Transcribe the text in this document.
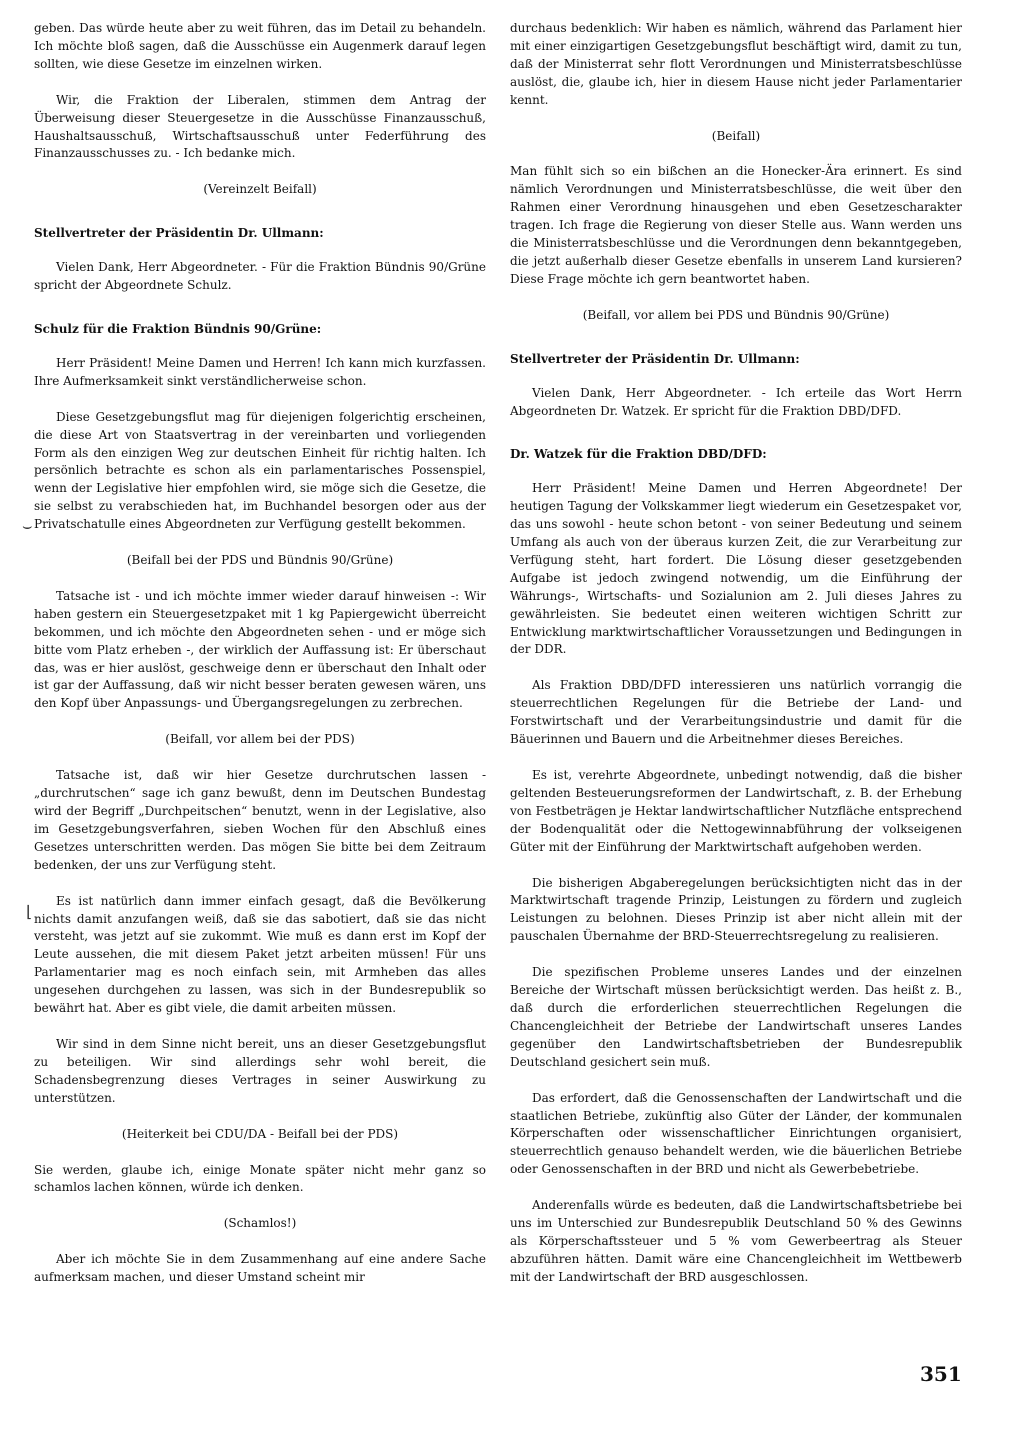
geben. Das würde heute aber zu weit führen, das im Detail zu behandeln. Ich möchte bloß sagen, daß die Ausschüsse ein Augenmerk darauf legen sollten, wie diese Gesetze im einzelnen wirken.

Wir, die Fraktion der Liberalen, stimmen dem Antrag der Überweisung dieser Steuergesetze in die Ausschüsse Finanzausschuß, Haushaltsausschuß, Wirtschaftsausschuß unter Federführung des Finanzausschusses zu. - Ich bedanke mich.

(Vereinzelt Beifall)
Stellvertreter der Präsidentin Dr. Ullmann:

Vielen Dank, Herr Abgeordneter. - Für die Fraktion Bündnis 90/Grüne spricht der Abgeordnete Schulz.

Schulz für die Fraktion Bündnis 90/Grüne:

Herr Präsident! Meine Damen und Herren! Ich kann mich kurzfassen. Ihre Aufmerksamkeit sinkt verständlicherweise schon.

Diese Gesetzgebungsflut mag für diejenigen folgerichtig erscheinen, die diese Art von Staatsvertrag in der vereinbarten und vorliegenden Form als den einzigen Weg zur deutschen Einheit für richtig halten. Ich persönlich betrachte es schon als ein parlamentarisches Possenspiel, wenn der Legislative hier empfohlen wird, sie möge sich die Gesetze, die sie selbst zu verabschieden hat, im Buchhandel besorgen oder aus der Privatschatulle eines Abgeordneten zur Verfügung gestellt bekommen.

(Beifall bei der PDS und Bündnis 90/Grüne)

Tatsache ist - und ich möchte immer wieder darauf hinweisen -: Wir haben gestern ein Steuergesetzpaket mit 1 kg Papiergewicht überreicht bekommen, und ich möchte den Abgeordneten sehen - und er möge sich bitte vom Platz erheben -, der wirklich der Auffassung ist: Er überschaut das, was er hier auslöst, geschweige denn er überschaut den Inhalt oder ist gar der Auffassung, daß wir nicht besser beraten gewesen wären, uns den Kopf über Anpassungs- und Übergangsregelungen zu zerbrechen.

(Beifall, vor allem bei der PDS)

Tatsache ist, daß wir hier Gesetze durchrutschen lassen - „durchrutschen“ sage ich ganz bewußt, denn im Deutschen Bundestag wird der Begriff „Durchpeitschen“ benutzt, wenn in der Legislative, also im Gesetzgebungsverfahren, sieben Wochen für den Abschluß eines Gesetzes unterschritten werden. Das mögen Sie bitte bei dem Zeitraum bedenken, der uns zur Verfügung steht.

Es ist natürlich dann immer einfach gesagt, daß die Bevölkerung nichts damit anzufangen weiß, daß sie das sabotiert, daß sie das nicht versteht, was jetzt auf sie zukommt. Wie muß es dann erst im Kopf der Leute aussehen, die mit diesem Paket jetzt arbeiten müssen! Für uns Parlamentarier mag es noch einfach sein, mit Armheben das alles ungesehen durchgehen zu lassen, was sich in der Bundesrepublik so bewährt hat. Aber es gibt viele, die damit arbeiten müssen.

Wir sind in dem Sinne nicht bereit, uns an dieser Gesetzgebungsflut zu beteiligen. Wir sind allerdings sehr wohl bereit, die Schadensbegrenzung dieses Vertrages in seiner Auswirkung zu unterstützen.

(Heiterkeit bei CDU/DA - Beifall bei der PDS)

Sie werden, glaube ich, einige Monate später nicht mehr ganz so schamlos lachen können, würde ich denken.

(Schamlos!)

Aber ich möchte Sie in dem Zusammenhang auf eine andere Sache aufmerksam machen, und dieser Umstand scheint mir

durchaus bedenklich: Wir haben es nämlich, während das Parlament hier mit einer einzigartigen Gesetzgebungsflut beschäftigt wird, damit zu tun, daß der Ministerrat sehr flott Verordnungen und Ministerratsbeschlüsse auslöst, die, glaube ich, hier in diesem Hause nicht jeder Parlamentarier kennt.

(Beifall)

Man fühlt sich so ein bißchen an die Honecker-Ära erinnert. Es sind nämlich Verordnungen und Ministerratsbeschlüsse, die weit über den Rahmen einer Verordnung hinausgehen und eben Gesetzescharakter tragen. Ich frage die Regierung von dieser Stelle aus. Wann werden uns die Ministerratsbeschlüsse und die Verordnungen denn bekanntgegeben, die jetzt außerhalb dieser Gesetze ebenfalls in unserem Land kursieren? Diese Frage möchte ich gern beantwortet haben.

(Beifall, vor allem bei PDS und Bündnis 90/Grüne)
Stellvertreter der Präsidentin Dr. Ullmann:

Vielen Dank, Herr Abgeordneter. - Ich erteile das Wort Herrn Abgeordneten Dr. Watzek. Er spricht für die Fraktion DBD/DFD.

Dr. Watzek für die Fraktion DBD/DFD:

Herr Präsident! Meine Damen und Herren Abgeordnete! Der heutigen Tagung der Volkskammer liegt wiederum ein Gesetzespaket vor, das uns sowohl - heute schon betont - von seiner Bedeutung und seinem Umfang als auch von der überaus kurzen Zeit, die zur Verarbeitung zur Verfügung steht, hart fordert. Die Lösung dieser gesetzgebenden Aufgabe ist jedoch zwingend notwendig, um die Einführung der Währungs-, Wirtschafts- und Sozialunion am 2. Juli dieses Jahres zu gewährleisten. Sie bedeutet einen weiteren wichtigen Schritt zur Entwicklung marktwirtschaftlicher Voraussetzungen und Bedingungen in der DDR.

Als Fraktion DBD/DFD interessieren uns natürlich vorrangig die steuerrechtlichen Regelungen für die Betriebe der Land- und Forstwirtschaft und der Verarbeitungsindustrie und damit für die Bäuerinnen und Bauern und die Arbeitnehmer dieses Bereiches.

Es ist, verehrte Abgeordnete, unbedingt notwendig, daß die bisher geltenden Besteuerungsreformen der Landwirtschaft, z. B. der Erhebung von Festbeträgen je Hektar landwirtschaftlicher Nutzfläche entsprechend der Bodenqualität oder die Nettogewinnabführung der volkseigenen Güter mit der Einführung der Marktwirtschaft aufgehoben werden.

Die bisherigen Abgaberegelungen berücksichtigten nicht das in der Marktwirtschaft tragende Prinzip, Leistungen zu fördern und zugleich Leistungen zu belohnen. Dieses Prinzip ist aber nicht allein mit der pauschalen Übernahme der BRD-Steuerrechtsregelung zu realisieren.

Die spezifischen Probleme unseres Landes und der einzelnen Bereiche der Wirtschaft müssen berücksichtigt werden. Das heißt z. B., daß durch die erforderlichen steuerrechtlichen Regelungen die Chancengleichheit der Betriebe der Landwirtschaft unseres Landes gegenüber den Landwirtschaftsbetrieben der Bundesrepublik Deutschland gesichert sein muß.

Das erfordert, daß die Genossenschaften der Landwirtschaft und die staatlichen Betriebe, zukünftig also Güter der Länder, der kommunalen Körperschaften oder wissenschaftlicher Einrichtungen organisiert, steuerrechtlich genauso behandelt werden, wie die bäuerlichen Betriebe oder Genossenschaften in der BRD und nicht als Gewerbebetriebe.

Anderenfalls würde es bedeuten, daß die Landwirtschaftsbetriebe bei uns im Unterschied zur Bundesrepublik Deutschland 50 % des Gewinns als Körperschaftssteuer und 5 % vom Gewerbeertrag als Steuer abzuführen hätten. Damit wäre eine Chancengleichheit im Wettbewerb mit der Landwirtschaft der BRD ausgeschlossen.

351
⌣
⌊
